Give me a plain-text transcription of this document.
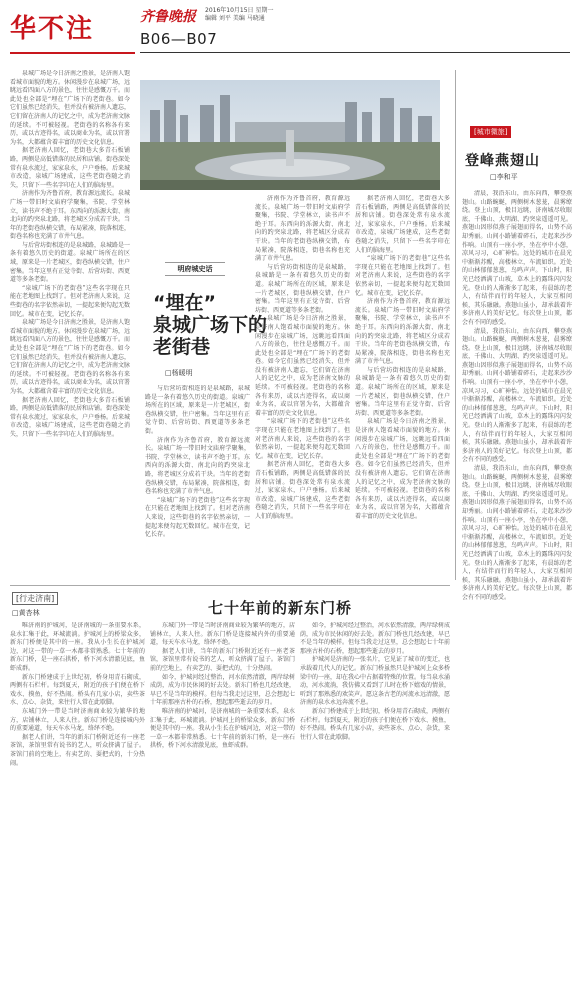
华不注	齐鲁晚报 2016年10月15日 星期一
编辑 刘平 美编 马晓通
B06—B07

泉城广场是今日济南之胜景，是济南人饱看城市面貌的地方。休闲漫步在泉城广场，远眺远看四面八方的景色，往往是感慨万千。而此处也全部是“埋在”广场下的老街巷。如今它们虽然已经消失，但并没有被济南人遗忘，它们留在济南人的记忆之中，成为老济南文脉的延续。不可被轻视。老街巷的名称各有来历，或以古迹得名，或以商业为名，或以官署为名，大都蕴含着丰富的历史文化信息。

据老济南人回忆，老街巷大多青石板铺路，两侧是高低错落的民居和店铺。街巷深处常有泉水流过，家家泉水，户户垂杨。后来城市改造，泉城广场建成，这些老街巷随之消失，只留下一些名字印在人们的脑海里。

济南作为齐鲁首府，教育源远流长。泉城广场一带旧时文庙府学聚集，书院、学堂林立，读书声不绝于耳。东西向的泺源大街、南北向的趵突泉北路，将老城区分成若干块。当年的老街巷纵横交错，布局紧凑，院落相连，街巷名称也充满了市井气息。

与后营坊街相连的是泉城路，泉城路是一条有着悠久历史的街道。泉城广场所在的区域，原来是一片老城区，街巷纵横交错，住户密集。当年这里有正觉寺街、后营坊街、西更道等多条老街。

“泉城广场下的老街巷”这些名字现在只能在老地图上找到了。但对老济南人来说，这些街巷的名字依然亲切，一提起来便勾起无数回忆。城市在变，记忆长存。

泉城广场是今日济南之胜景，是济南人饱看城市面貌的地方。休闲漫步在泉城广场，远眺远看四面八方的景色，往往是感慨万千。而此处也全部是“埋在”广场下的老街巷。如今它们虽然已经消失，但并没有被济南人遗忘，它们留在济南人的记忆之中，成为老济南文脉的延续。不可被轻视。老街巷的名称各有来历，或以古迹得名，或以商业为名，或以官署为名，大都蕴含着丰富的历史文化信息。

据老济南人回忆，老街巷大多青石板铺路，两侧是高低错落的民居和店铺。街巷深处常有泉水流过，家家泉水，户户垂杨。后来城市改造，泉城广场建成，这些老街巷随之消失，只留下一些名字印在人们的脑海里。

明府城史话
“埋在”
泉城广场下的
老街巷
□杨暖明

济南作为齐鲁首府，教育源远流长。泉城广场一带旧时文庙府学聚集，书院、学堂林立，读书声不绝于耳。东西向的泺源大街、南北向的趵突泉北路，将老城区分成若干块。当年的老街巷纵横交错，布局紧凑，院落相连，街巷名称也充满了市井气息。

与后营坊街相连的是泉城路，泉城路是一条有着悠久历史的街道。泉城广场所在的区域，原来是一片老城区，街巷纵横交错，住户密集。当年这里有正觉寺街、后营坊街、西更道等多条老街。

泉城广场是今日济南之胜景，是济南人饱看城市面貌的地方。休闲漫步在泉城广场，远眺远看四面八方的景色，往往是感慨万千。而此处也全部是“埋在”广场下的老街巷。如今它们虽然已经消失，但并没有被济南人遗忘，它们留在济南人的记忆之中，成为老济南文脉的延续。不可被轻视。老街巷的名称各有来历，或以古迹得名，或以商业为名，或以官署为名，大都蕴含着丰富的历史文化信息。

“泉城广场下的老街巷”这些名字现在只能在老地图上找到了。但对老济南人来说，这些街巷的名字依然亲切，一提起来便勾起无数回忆。城市在变，记忆长存。

据老济南人回忆，老街巷大多青石板铺路，两侧是高低错落的民居和店铺。街巷深处常有泉水流过，家家泉水，户户垂杨。后来城市改造，泉城广场建成，这些老街巷随之消失，只留下一些名字印在人们的脑海里。

据老济南人回忆，老街巷大多青石板铺路，两侧是高低错落的民居和店铺。街巷深处常有泉水流过，家家泉水，户户垂杨。后来城市改造，泉城广场建成，这些老街巷随之消失，只留下一些名字印在人们的脑海里。

“泉城广场下的老街巷”这些名字现在只能在老地图上找到了。但对老济南人来说，这些街巷的名字依然亲切，一提起来便勾起无数回忆。城市在变，记忆长存。

济南作为齐鲁首府，教育源远流长。泉城广场一带旧时文庙府学聚集，书院、学堂林立，读书声不绝于耳。东西向的泺源大街、南北向的趵突泉北路，将老城区分成若干块。当年的老街巷纵横交错，布局紧凑，院落相连，街巷名称也充满了市井气息。

与后营坊街相连的是泉城路，泉城路是一条有着悠久历史的街道。泉城广场所在的区域，原来是一片老城区，街巷纵横交错，住户密集。当年这里有正觉寺街、后营坊街、西更道等多条老街。

泉城广场是今日济南之胜景，是济南人饱看城市面貌的地方。休闲漫步在泉城广场，远眺远看四面八方的景色，往往是感慨万千。而此处也全部是“埋在”广场下的老街巷。如今它们虽然已经消失，但并没有被济南人遗忘，它们留在济南人的记忆之中，成为老济南文脉的延续。不可被轻视。老街巷的名称各有来历，或以古迹得名，或以商业为名，或以官署为名，大都蕴含着丰富的历史文化信息。

与后营坊街相连的是泉城路，泉城路是一条有着悠久历史的街道。泉城广场所在的区域，原来是一片老城区，街巷纵横交错，住户密集。当年这里有正觉寺街、后营坊街、西更道等多条老街。

济南作为齐鲁首府，教育源远流长。泉城广场一带旧时文庙府学聚集，书院、学堂林立，读书声不绝于耳。东西向的泺源大街、南北向的趵突泉北路，将老城区分成若干块。当年的老街巷纵横交错，布局紧凑，院落相连，街巷名称也充满了市井气息。

“泉城广场下的老街巷”这些名字现在只能在老地图上找到了。但对老济南人来说，这些街巷的名字依然亲切，一提起来便勾起无数回忆。城市在变，记忆长存。

[城市微旅]
登峰燕翅山
□李和平

清晨，我沿东山，由东向西，攀登燕翅山。山路蜿蜒，两侧树木葱茏，晨雾缭绕。登上山顶，极目远眺，济南城尽收眼底，千佛山、大明湖、趵突泉遥遥可见。燕翅山因形似燕子展翅而得名，山势不高却秀丽。山间小路铺着碎石，走起来沙沙作响。山顶有一座小亭，坐在亭中小憩，凉风习习，心旷神怡。远处的城市在晨光中渐渐苏醒，高楼林立，车流如织。近处的山林郁郁葱葱，鸟鸣声声。下山时，阳光已经洒满了山坡，草木上的露珠闪闪发光。登山的人渐渐多了起来，有晨练的老人，有结伴而行的年轻人，大家互相问候，其乐融融。燕翅山虽小，却承载着许多济南人的美好记忆。每次登上山顶，都会有不同的感受。

清晨，我沿东山，由东向西，攀登燕翅山。山路蜿蜒，两侧树木葱茏，晨雾缭绕。登上山顶，极目远眺，济南城尽收眼底，千佛山、大明湖、趵突泉遥遥可见。燕翅山因形似燕子展翅而得名，山势不高却秀丽。山间小路铺着碎石，走起来沙沙作响。山顶有一座小亭，坐在亭中小憩，凉风习习，心旷神怡。远处的城市在晨光中渐渐苏醒，高楼林立，车流如织。近处的山林郁郁葱葱，鸟鸣声声。下山时，阳光已经洒满了山坡，草木上的露珠闪闪发光。登山的人渐渐多了起来，有晨练的老人，有结伴而行的年轻人，大家互相问候，其乐融融。燕翅山虽小，却承载着许多济南人的美好记忆。每次登上山顶，都会有不同的感受。

清晨，我沿东山，由东向西，攀登燕翅山。山路蜿蜒，两侧树木葱茏，晨雾缭绕。登上山顶，极目远眺，济南城尽收眼底，千佛山、大明湖、趵突泉遥遥可见。燕翅山因形似燕子展翅而得名，山势不高却秀丽。山间小路铺着碎石，走起来沙沙作响。山顶有一座小亭，坐在亭中小憩，凉风习习，心旷神怡。远处的城市在晨光中渐渐苏醒，高楼林立，车流如织。近处的山林郁郁葱葱，鸟鸣声声。下山时，阳光已经洒满了山坡，草木上的露珠闪闪发光。登山的人渐渐多了起来，有晨练的老人，有结伴而行的年轻人，大家互相问候，其乐融融。燕翅山虽小，却承载着许多济南人的美好记忆。每次登上山顶，都会有不同的感受。

[行走济南]
□黄杏林	七十年前的新东门桥

唯济南的护城河，是济南城的一条重要水系，泉水汇集于此，环城流淌。护城河上的桥梁众多，新东门桥便是其中的一座。我从小生长在护城河边，对这一带的一草一木都非常熟悉。七十年前的新东门桥，是一座石拱桥，桥下河水清澈见底，鱼虾成群。

新东门桥建成于上世纪初，桥身用青石砌成，两侧有石栏杆。每到夏天，附近的孩子们便在桥下戏水、摸鱼，好不热闹。桥头有几家小店，卖些茶水、点心、杂货，来往行人常在此歇脚。

东城门外一带是当时济南商业较为繁华的地方，店铺林立，人来人往。新东门桥是连接城内外的重要通道，每天车水马龙，络绎不绝。

据老人们讲，当年的新东门桥附近还有一座老茶馆，茶馆里常有说书的艺人，听众挤满了屋子。茶馆门前的空地上，有卖艺的、耍把式的，十分热闹。

东城门外一带是当时济南商业较为繁华的地方，店铺林立，人来人往。新东门桥是连接城内外的重要通道，每天车水马龙，络绎不绝。

据老人们讲，当年的新东门桥附近还有一座老茶馆，茶馆里常有说书的艺人，听众挤满了屋子。茶馆门前的空地上，有卖艺的、耍把式的，十分热闹。

如今，护城河经过整治，河水依然清澈，两岸绿树成荫，成为市民休闲的好去处。新东门桥也几经改建，早已不是当年的模样。但每当我走过这里，总会想起七十年前那座古朴的石桥，想起那些逝去的岁月。

唯济南的护城河，是济南城的一条重要水系，泉水汇集于此，环城流淌。护城河上的桥梁众多，新东门桥便是其中的一座。我从小生长在护城河边，对这一带的一草一木都非常熟悉。七十年前的新东门桥，是一座石拱桥，桥下河水清澈见底，鱼虾成群。

如今，护城河经过整治，河水依然清澈，两岸绿树成荫，成为市民休闲的好去处。新东门桥也几经改建，早已不是当年的模样。但每当我走过这里，总会想起七十年前那座古朴的石桥，想起那些逝去的岁月。

护城河是济南的一张名片，它见证了城市的变迁，也承载着几代人的记忆。新东门桥虽然只是护城河上众多桥梁中的一座，却在我心中占据着特殊的位置。每当泉水涌动，河水流淌，我仿佛又看到了儿时在桥下嬉戏的情景，听到了那熟悉的欢笑声。愿这条古老的河流永远清澈，愿济南的泉水永远奔流不息。

新东门桥建成于上世纪初，桥身用青石砌成，两侧有石栏杆。每到夏天，附近的孩子们便在桥下戏水、摸鱼，好不热闹。桥头有几家小店，卖些茶水、点心、杂货，来往行人常在此歇脚。
